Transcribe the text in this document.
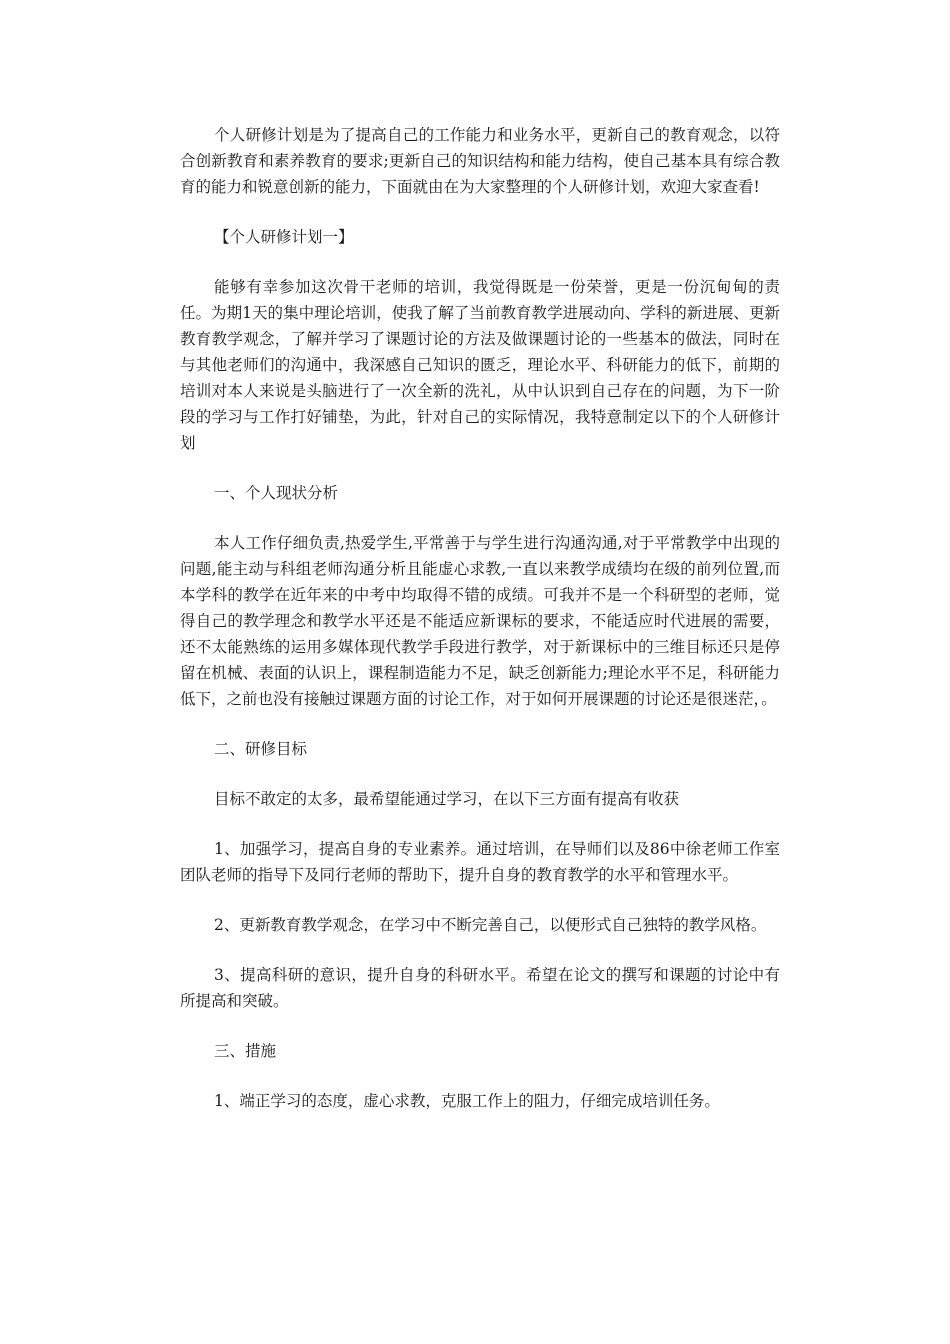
个人研修计划是为了提高自己的工作能力和业务水平，更新自己的教育观念，以符合创新教育和素养教育的要求;更新自己的知识结构和能力结构，使自己基本具有综合教育的能力和锐意创新的能力，下面就由在为大家整理的个人研修计划，欢迎大家查看!

【个人研修计划一】

能够有幸参加这次骨干老师的培训，我觉得既是一份荣誉，更是一份沉甸甸的责任。为期1天的集中理论培训，使我了解了当前教育教学进展动向、学科的新进展、更新教育教学观念，了解并学习了课题讨论的方法及做课题讨论的一些基本的做法，同时在与其他老师们的沟通中，我深感自己知识的匮乏，理论水平、科研能力的低下，前期的培训对本人来说是头脑进行了一次全新的洗礼，从中认识到自己存在的问题，为下一阶段的学习与工作打好铺垫，为此，针对自己的实际情况，我特意制定以下的个人研修计划

一、个人现状分析

本人工作仔细负责,热爱学生,平常善于与学生进行沟通沟通,对于平常教学中出现的问题,能主动与科组老师沟通分析且能虚心求教,一直以来教学成绩均在级的前列位置,而本学科的教学在近年来的中考中均取得不错的成绩。可我并不是一个科研型的老师，觉得自己的教学理念和教学水平还是不能适应新课标的要求，不能适应时代进展的需要，还不太能熟练的运用多媒体现代教学手段进行教学，对于新课标中的三维目标还只是停留在机械、表面的认识上，课程制造能力不足，缺乏创新能力;理论水平不足，科研能力低下，之前也没有接触过课题方面的讨论工作，对于如何开展课题的讨论还是很迷茫，。

二、研修目标

目标不敢定的太多，最希望能通过学习，在以下三方面有提高有收获

1、加强学习，提高自身的专业素养。通过培训，在导师们以及86中徐老师工作室团队老师的指导下及同行老师的帮助下，提升自身的教育教学的水平和管理水平。

2、更新教育教学观念，在学习中不断完善自己，以便形式自己独特的教学风格。

3、提高科研的意识，提升自身的科研水平。希望在论文的撰写和课题的讨论中有所提高和突破。

三、措施

1、端正学习的态度，虚心求教，克服工作上的阻力，仔细完成培训任务。
